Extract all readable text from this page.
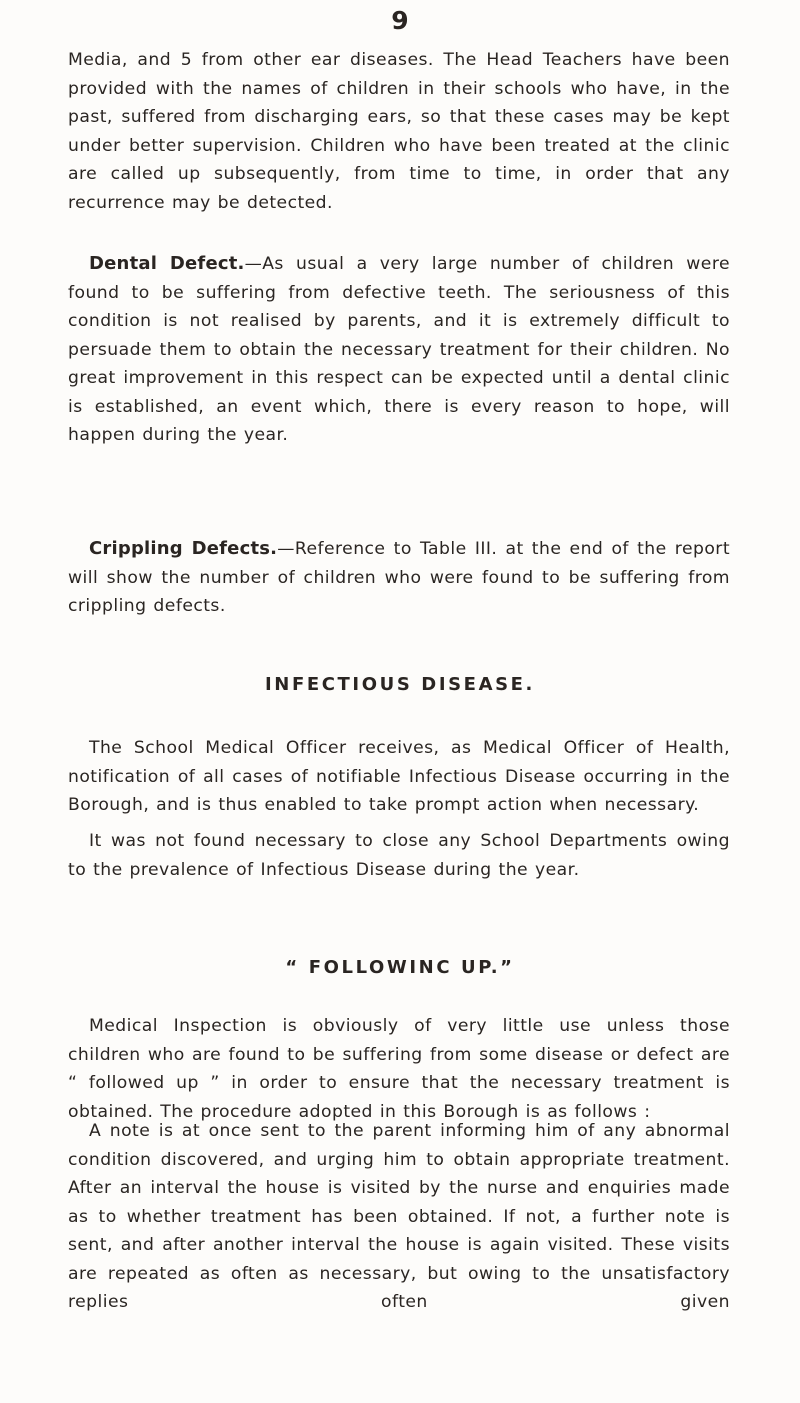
9

Media, and 5 from other ear diseases. The Head Teachers have been provided with the names of children in their schools who have, in the past, suffered from discharging ears, so that these cases may be kept under better supervision. Children who have been treated at the clinic are called up subsequently, from time to time, in order that any recurrence may be detected.

Dental Defect.—As usual a very large number of children were found to be suffering from defective teeth. The seriousness of this condition is not realised by parents, and it is extremely difficult to persuade them to obtain the necessary treatment for their children. No great improvement in this respect can be expected until a dental clinic is established, an event which, there is every reason to hope, will happen during the year.

Crippling Defects.—Reference to Table III. at the end of the report will show the number of children who were found to be suffering from crippling defects.

INFECTIOUS DISEASE.

The School Medical Officer receives, as Medical Officer of Health, notification of all cases of notifiable Infectious Disease occurring in the Borough, and is thus enabled to take prompt action when necessary.

It was not found necessary to close any School Departments owing to the prevalence of Infectious Disease during the year.

“ FOLLOWINC UP.”

Medical Inspection is obviously of very little use unless those children who are found to be suffering from some disease or defect are “ followed up ” in order to ensure that the necessary treatment is obtained. The procedure adopted in this Borough is as follows :

A note is at once sent to the parent informing him of any abnormal condition discovered, and urging him to obtain appropriate treatment. After an interval the house is visited by the nurse and enquiries made as to whether treatment has been obtained. If not, a further note is sent, and after another interval the house is again visited. These visits are repeated as often as necessary, but owing to the unsatisfactory replies often given
